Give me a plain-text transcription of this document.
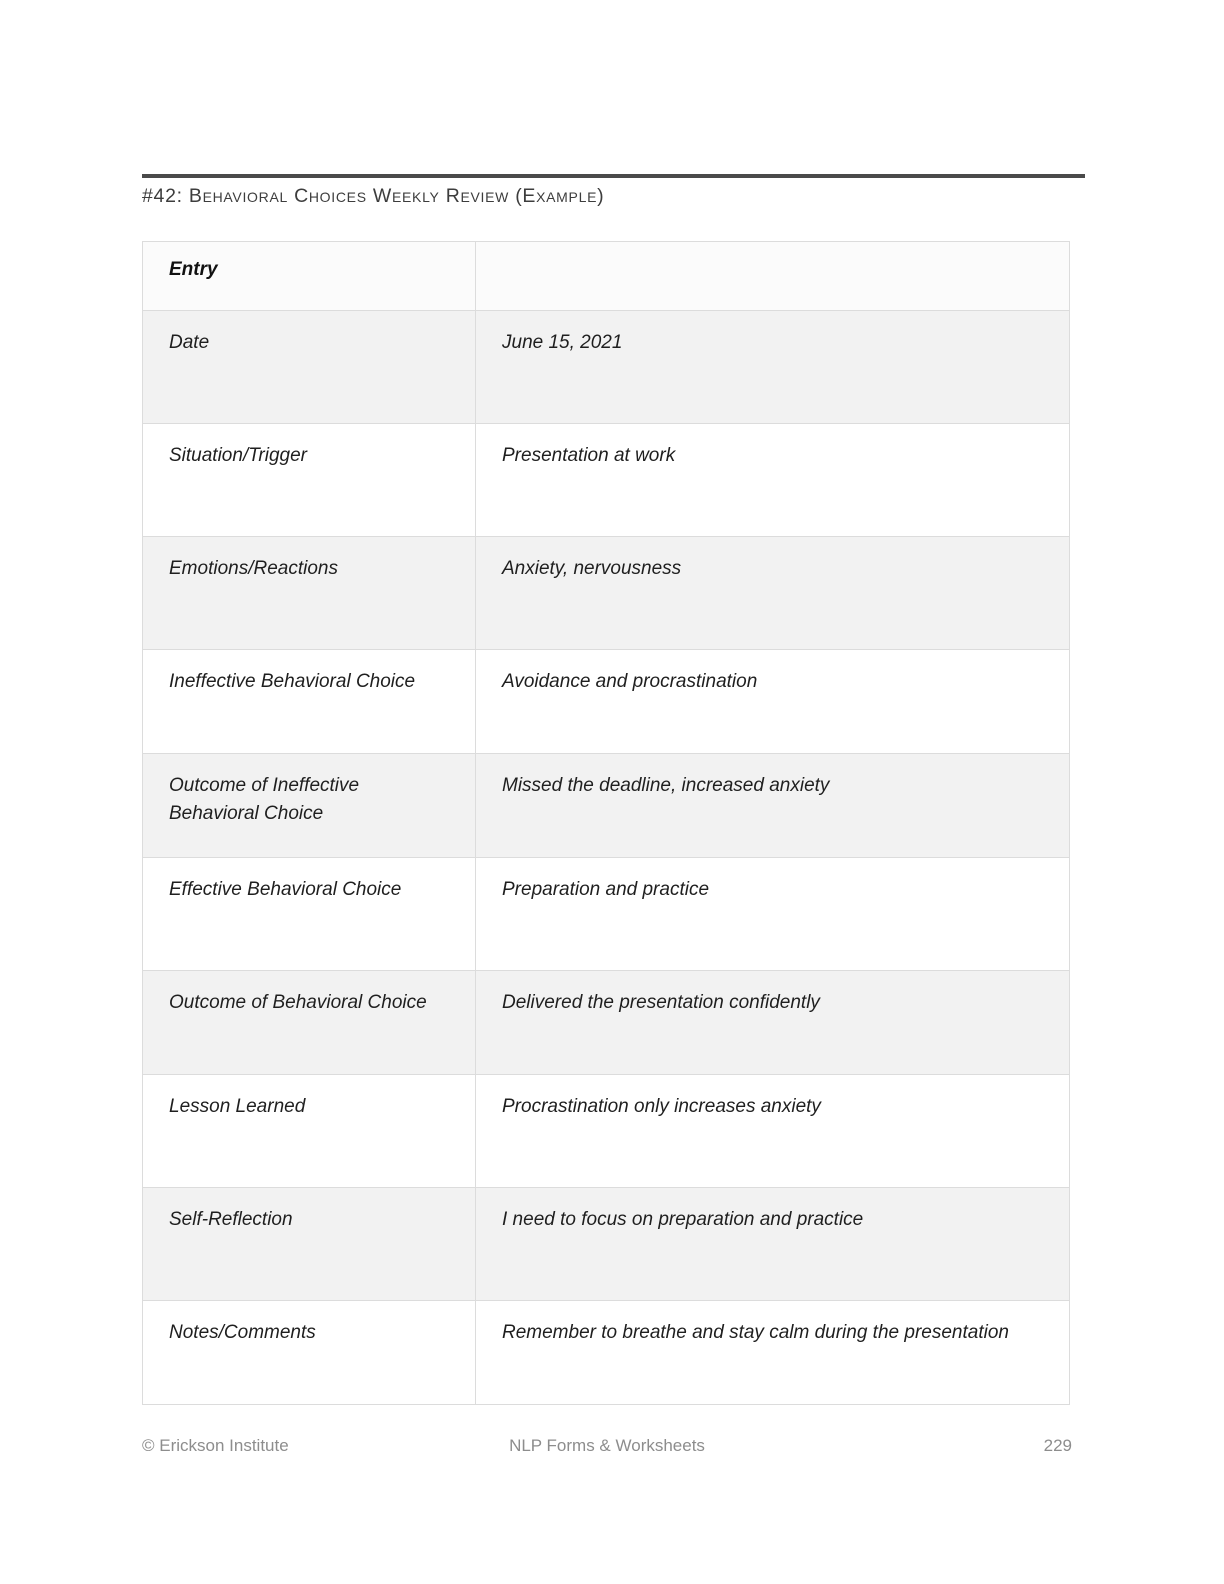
#42: Behavioral Choices Weekly Review (Example)
Entry	
Date	June 15, 2021
Situation/Trigger	Presentation at work
Emotions/Reactions	Anxiety, nervousness
Ineffective Behavioral Choice	Avoidance and procrastination
Outcome of Ineffective Behavioral Choice	Missed the deadline, increased anxiety
Effective Behavioral Choice	Preparation and practice
Outcome of Behavioral Choice	Delivered the presentation confidently
Lesson Learned	Procrastination only increases anxiety
Self-Reflection	I need to focus on preparation and practice
Notes/Comments	Remember to breathe and stay calm during the presentation
© Erickson Institute	NLP Forms & Worksheets	229
